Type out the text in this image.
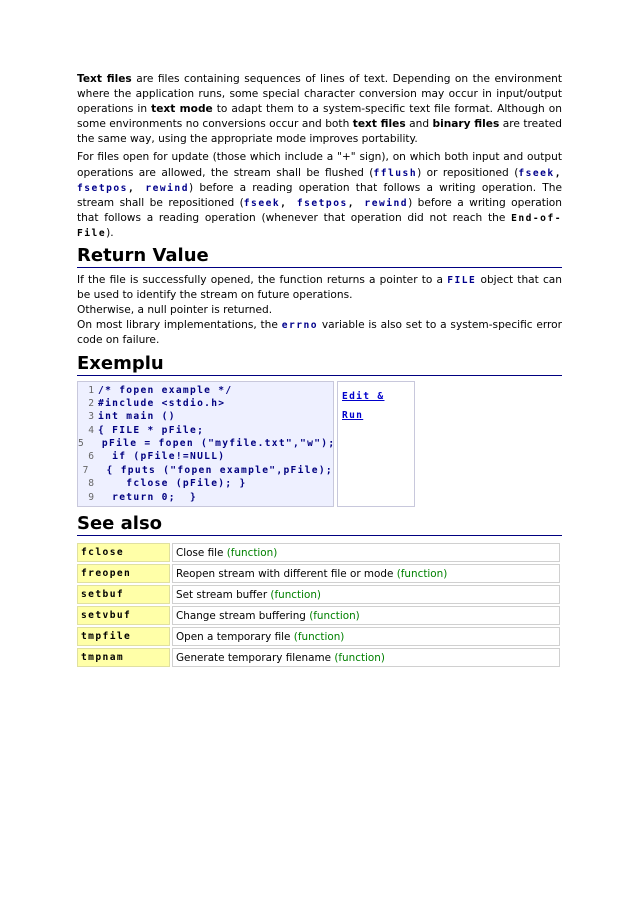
Text files are files containing sequences of lines of text. Depending on the environment where the application runs, some special character conversion may occur in input/output operations in text mode to adapt them to a system-specific text file format. Although on some environments no conversions occur and both text files and binary files are treated the same way, using the appropriate mode improves portability.

For files open for update (those which include a "+" sign), on which both input and output operations are allowed, the stream shall be flushed (fflush) or repositioned (fseek, fsetpos, rewind) before a reading operation that follows a writing operation. The stream shall be repositioned (fseek, fsetpos, rewind) before a writing operation that follows a reading operation (whenever that operation did not reach the End-of-File).

Return Value

If the file is successfully opened, the function returns a pointer to a FILE object that can be used to identify the stream on future operations.

Otherwise, a null pointer is returned.

On most library implementations, the errno variable is also set to a system-specific error code on failure.

Exemplu
1 /* fopen example */
2 #include <stdio.h>
3 int main ()
4 { FILE * pFile;
5 pFile = fopen ("myfile.txt","w");
6 if (pFile!=NULL)
7 { fputs ("fopen example",pFile);
8 fclose (pFile); }
9 return 0;  }
Edit & Run
See also
fclose	Close file (function)
freopen	Reopen stream with different file or mode (function)
setbuf	Set stream buffer (function)
setvbuf	Change stream buffering (function)
tmpfile	Open a temporary file (function)
tmpnam	Generate temporary filename (function)
